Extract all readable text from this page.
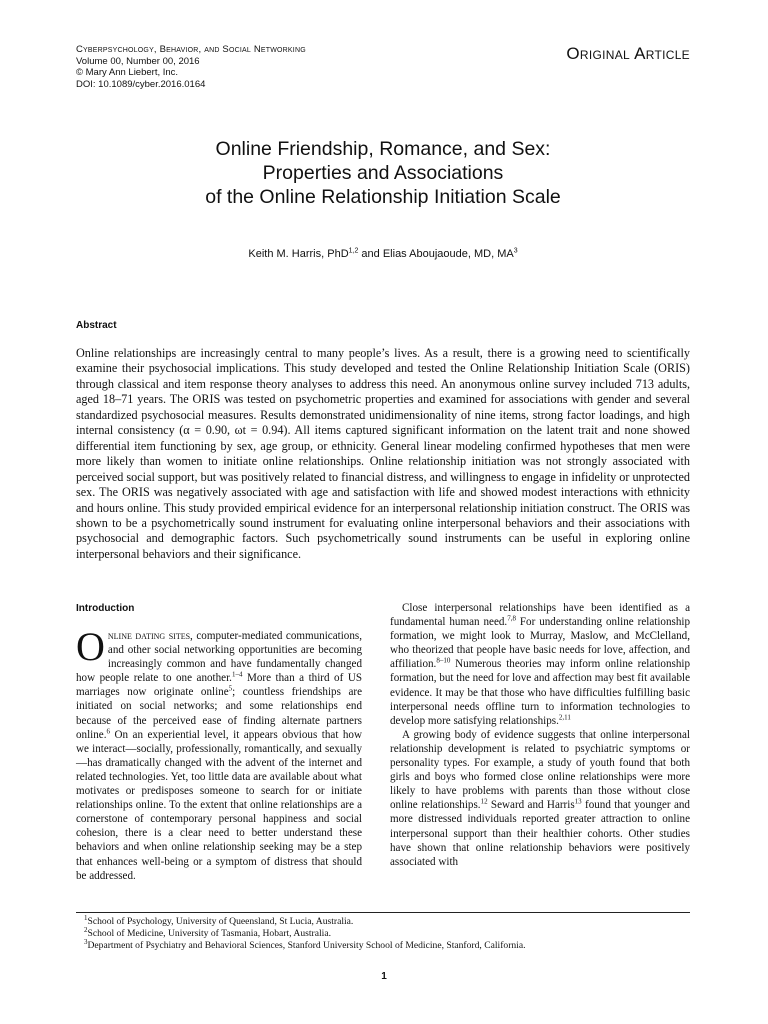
Cyberpsychology, Behavior, and Social Networking
Volume 00, Number 00, 2016
© Mary Ann Liebert, Inc.
DOI: 10.1089/cyber.2016.0164
Original Article
Online Friendship, Romance, and Sex:
Properties and Associations
of the Online Relationship Initiation Scale
Keith M. Harris, PhD$^{1,2}$ and Elias Aboujaoude, MD, $MA^3$
Abstract

Online relationships are increasingly central to many people’s lives. As a result, there is a growing need to scientifically examine their psychosocial implications. This study developed and tested the Online Relationship Initiation Scale (ORIS) through classical and item response theory analyses to address this need. An anonymous online survey included 713 adults, aged 18–71 years. The ORIS was tested on psychometric properties and examined for associations with gender and several standardized psychosocial measures. Results demonstrated unidimensionality of nine items, strong factor loadings, and high internal consistency (α = 0.90, ωt = 0.94). All items captured significant information on the latent trait and none showed differential item functioning by sex, age group, or ethnicity. General linear modeling confirmed hypotheses that men were more likely than women to initiate online relationships. Online relationship initiation was not strongly associated with perceived social support, but was positively related to financial distress, and willingness to engage in infidelity or unprotected sex. The ORIS was negatively associated with age and satisfaction with life and showed modest interactions with ethnicity and hours online. This study provided empirical evidence for an interpersonal relationship initiation construct. The ORIS was shown to be a psychometrically sound instrument for evaluating online interpersonal behaviors and their associations with psychosocial and demographic factors. Such psychometrically sound instruments can be useful in exploring online interpersonal behaviors and their significance.

Introduction
Online dating sites, computer-mediated communications, and other social networking opportunities are becoming increasingly common and have fundamentally changed how people relate to one another.$^{1-4}$ More than a third of US marriages now originate online$^5$; countless friendships are initiated on social networks; and some relationships end because of the perceived ease of finding alternate partners online.$^6$ On an experiential level, it appears obvious that how we interact—socially, professionally, romantically, and sexually—has dramatically changed with the advent of the internet and related technologies. Yet, too little data are available about what motivates or predisposes someone to search for or initiate relationships online. To the extent that online relationships are a cornerstone of contemporary personal happiness and social cohesion, there is a clear need to better understand these behaviors and when online relationship seeking may be a step that enhances well-being or a symptom of distress that should be addressed.

Close interpersonal relationships have been identified as a fundamental human need.$^{7,8}$ For understanding online relationship formation, we might look to Murray, Maslow, and McClelland, who theorized that people have basic needs for love, affection, and affiliation.$^{8-10}$ Numerous theories may inform online relationship formation, but the need for love and affection may best fit available evidence. It may be that those who have difficulties fulfilling basic interpersonal needs offline turn to information technologies to develop more satisfying relationships.$^{2,11}$

A growing body of evidence suggests that online interpersonal relationship development is related to psychiatric symptoms or personality types. For example, a study of youth found that both girls and boys who formed close online relationships were more likely to have problems with parents than those without close online relationships.$^{12}$ Seward and Harris$^{13}$ found that younger and more distressed individuals reported greater attraction to online interpersonal support than their healthier cohorts. Other studies have shown that online relationship behaviors were positively associated with

$^1$School of Psychology, University of Queensland, St Lucia, Australia.
$^2$School of Medicine, University of Tasmania, Hobart, Australia.
$^3$Department of Psychiatry and Behavioral Sciences, Stanford University School of Medicine, Stanford, California.
1
